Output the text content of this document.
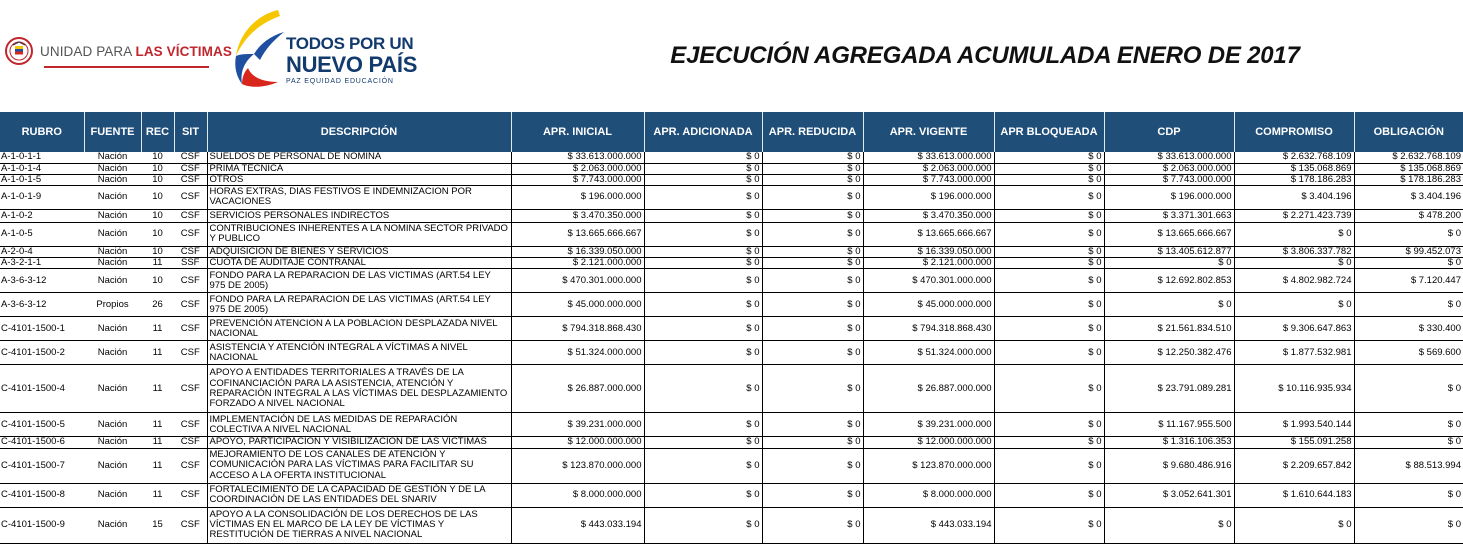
UNIDAD PARA LAS VÍCTIMAS	TODOS POR UN
NUEVO PAÍS
PAZ EQUIDAD EDUCACIÓN
EJECUCIÓN AGREGADA ACUMULADA ENERO DE 2017
RUBRO	FUENTE	REC	SIT	DESCRIPCIÓN	APR. INICIAL	APR. ADICIONADA	APR. REDUCIDA	APR. VIGENTE	APR BLOQUEADA	CDP	COMPROMISO	OBLIGACIÓN
A-1-0-1-1	Nación	10	CSF	SUELDOS DE PERSONAL DE NOMINA	$ 33.613.000.000	$ 0	$ 0	$ 33.613.000.000	$ 0	$ 33.613.000.000	$ 2.632.768.109	$ 2.632.768.109
A-1-0-1-4	Nación	10	CSF	PRIMA TECNICA	$ 2.063.000.000	$ 0	$ 0	$ 2.063.000.000	$ 0	$ 2.063.000.000	$ 135.068.869	$ 135.068.869
A-1-0-1-5	Nación	10	CSF	OTROS	$ 7.743.000.000	$ 0	$ 0	$ 7.743.000.000	$ 0	$ 7.743.000.000	$ 178.186.283	$ 178.186.283
A-1-0-1-9	Nación	10	CSF	HORAS EXTRAS, DIAS FESTIVOS E INDEMNIZACION POR VACACIONES	$ 196.000.000	$ 0	$ 0	$ 196.000.000	$ 0	$ 196.000.000	$ 3.404.196	$ 3.404.196
A-1-0-2	Nación	10	CSF	SERVICIOS PERSONALES INDIRECTOS	$ 3.470.350.000	$ 0	$ 0	$ 3.470.350.000	$ 0	$ 3.371.301.663	$ 2.271.423.739	$ 478.200
A-1-0-5	Nación	10	CSF	CONTRIBUCIONES INHERENTES A LA NOMINA SECTOR PRIVADO Y PUBLICO	$ 13.665.666.667	$ 0	$ 0	$ 13.665.666.667	$ 0	$ 13.665.666.667	$ 0	$ 0
A-2-0-4	Nación	10	CSF	ADQUISICION DE BIENES Y SERVICIOS	$ 16.339.050.000	$ 0	$ 0	$ 16.339.050.000	$ 0	$ 13.405.612.877	$ 3.806.337.782	$ 99.452.073
A-3-2-1-1	Nación	11	SSF	CUOTA DE AUDITAJE CONTRANAL	$ 2.121.000.000	$ 0	$ 0	$ 2.121.000.000	$ 0	$ 0	$ 0	$ 0
A-3-6-3-12	Nación	10	CSF	FONDO PARA LA REPARACION DE LAS VICTIMAS (ART.54 LEY 975 DE 2005)	$ 470.301.000.000	$ 0	$ 0	$ 470.301.000.000	$ 0	$ 12.692.802.853	$ 4.802.982.724	$ 7.120.447
A-3-6-3-12	Propios	26	CSF	FONDO PARA LA REPARACION DE LAS VICTIMAS (ART.54 LEY 975 DE 2005)	$ 45.000.000.000	$ 0	$ 0	$ 45.000.000.000	$ 0	$ 0	$ 0	$ 0
C-4101-1500-1	Nación	11	CSF	PREVENCIÓN ATENCION A LA POBLACION DESPLAZADA NIVEL NACIONAL	$ 794.318.868.430	$ 0	$ 0	$ 794.318.868.430	$ 0	$ 21.561.834.510	$ 9.306.647.863	$ 330.400
C-4101-1500-2	Nación	11	CSF	ASISTENCIA Y ATENCIÓN INTEGRAL A VÍCTIMAS A NIVEL NACIONAL	$ 51.324.000.000	$ 0	$ 0	$ 51.324.000.000	$ 0	$ 12.250.382.476	$ 1.877.532.981	$ 569.600
C-4101-1500-4	Nación	11	CSF	APOYO A ENTIDADES TERRITORIALES A TRAVÉS DE LA COFINANCIACIÓN PARA LA ASISTENCIA, ATENCIÓN Y REPARACIÓN INTEGRAL A LAS VÍCTIMAS DEL DESPLAZAMIENTO FORZADO A NIVEL NACIONAL	$ 26.887.000.000	$ 0	$ 0	$ 26.887.000.000	$ 0	$ 23.791.089.281	$ 10.116.935.934	$ 0
C-4101-1500-5	Nación	11	CSF	IMPLEMENTACIÓN DE LAS MEDIDAS DE REPARACIÓN COLECTIVA A NIVEL NACIONAL	$ 39.231.000.000	$ 0	$ 0	$ 39.231.000.000	$ 0	$ 11.167.955.500	$ 1.993.540.144	$ 0
C-4101-1500-6	Nación	11	CSF	APOYO, PARTICIPACIÓN Y VISIBILIZACIÓN DE LAS VÍCTIMAS	$ 12.000.000.000	$ 0	$ 0	$ 12.000.000.000	$ 0	$ 1.316.106.353	$ 155.091.258	$ 0
C-4101-1500-7	Nación	11	CSF	MEJORAMIENTO DE LOS CANALES DE ATENCIÓN Y COMUNICACIÓN PARA LAS VÍCTIMAS PARA FACILITAR SU ACCESO A LA OFERTA INSTITUCIONAL	$ 123.870.000.000	$ 0	$ 0	$ 123.870.000.000	$ 0	$ 9.680.486.916	$ 2.209.657.842	$ 88.513.994
C-4101-1500-8	Nación	11	CSF	FORTALECIMIENTO DE LA CAPACIDAD DE GESTIÓN Y DE LA COORDINACIÓN DE LAS ENTIDADES DEL SNARIV	$ 8.000.000.000	$ 0	$ 0	$ 8.000.000.000	$ 0	$ 3.052.641.301	$ 1.610.644.183	$ 0
C-4101-1500-9	Nación	15	CSF	APOYO A LA CONSOLIDACIÓN DE LOS DERECHOS DE LAS VÍCTIMAS EN EL MARCO DE LA LEY DE VÍCTIMAS Y RESTITUCIÓN DE TIERRAS A NIVEL NACIONAL	$ 443.033.194	$ 0	$ 0	$ 443.033.194	$ 0	$ 0	$ 0	$ 0
